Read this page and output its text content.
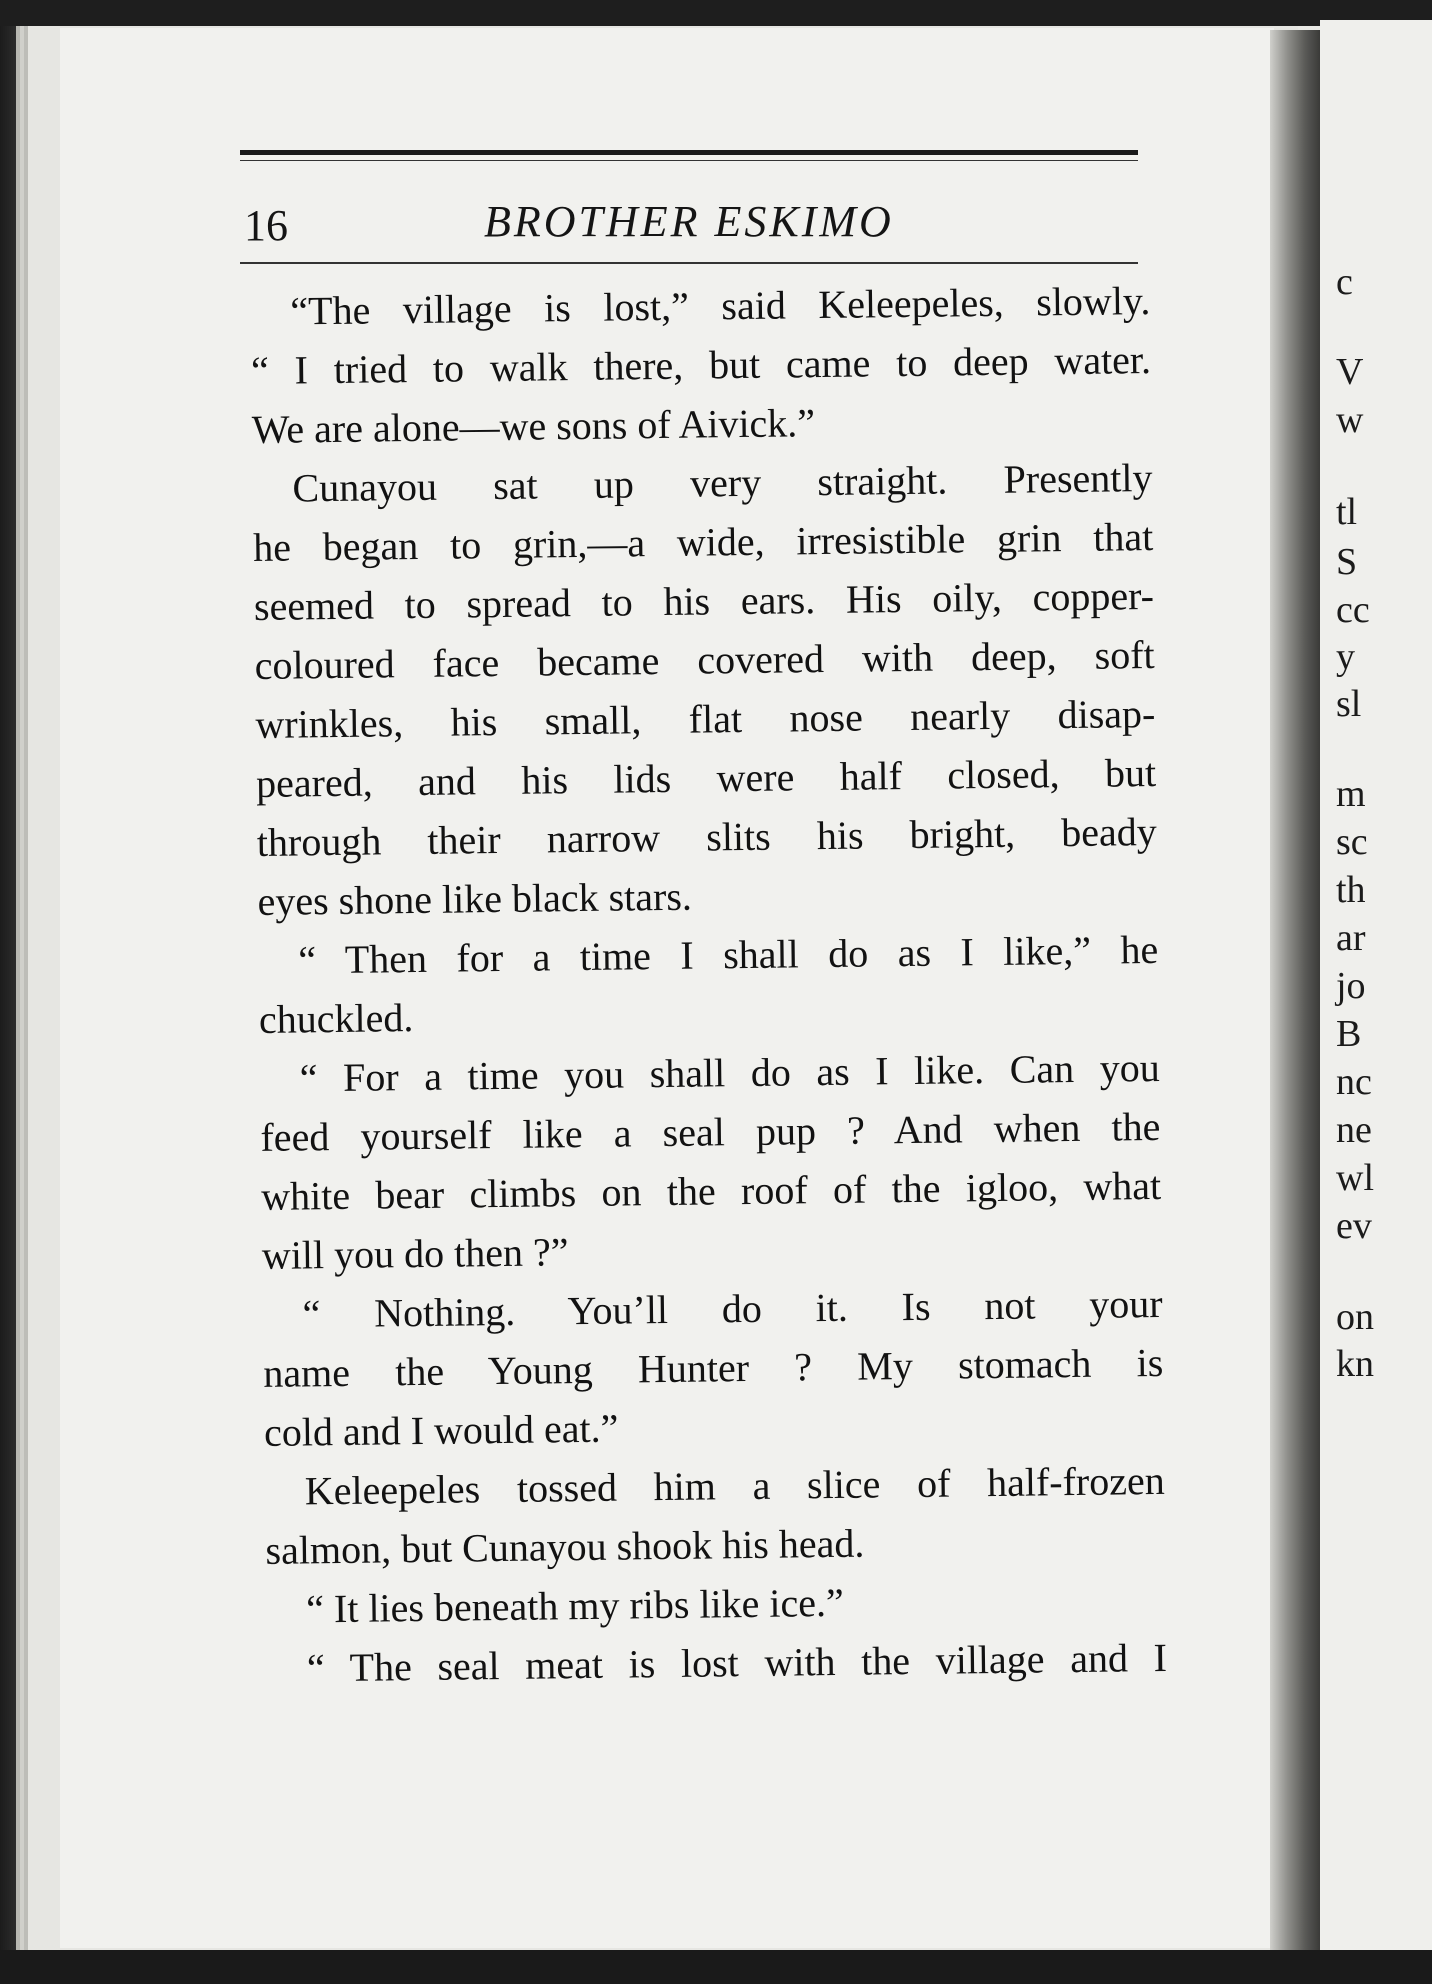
c
V
w
tl
S
cc
y
sl
m
sc
th
ar
jo
B
nc
ne
wl
ev
on
kn
16	BROTHER ESKIMO
“The village is lost,” said Keleepeles, slowly.
“ I tried to walk there, but came to deep water.
We are alone—we sons of Aivick.”
Cunayou sat up very straight. Presently
he began to grin,—a wide, irresistible grin that
seemed to spread to his ears. His oily, copper-
coloured face became covered with deep, soft
wrinkles, his small, flat nose nearly disap-
peared, and his lids were half closed, but
through their narrow slits his bright, beady
eyes shone like black stars.
“ Then for a time I shall do as I like,” he
chuckled.
“ For a time you shall do as I like. Can you
feed yourself like a seal pup ? And when the
white bear climbs on the roof of the igloo, what
will you do then ?”
“ Nothing. You’ll do it. Is not your
name the Young Hunter ? My stomach is
cold and I would eat.”
Keleepeles tossed him a slice of half-frozen
salmon, but Cunayou shook his head.
“ It lies beneath my ribs like ice.”
“ The seal meat is lost with the village and I
